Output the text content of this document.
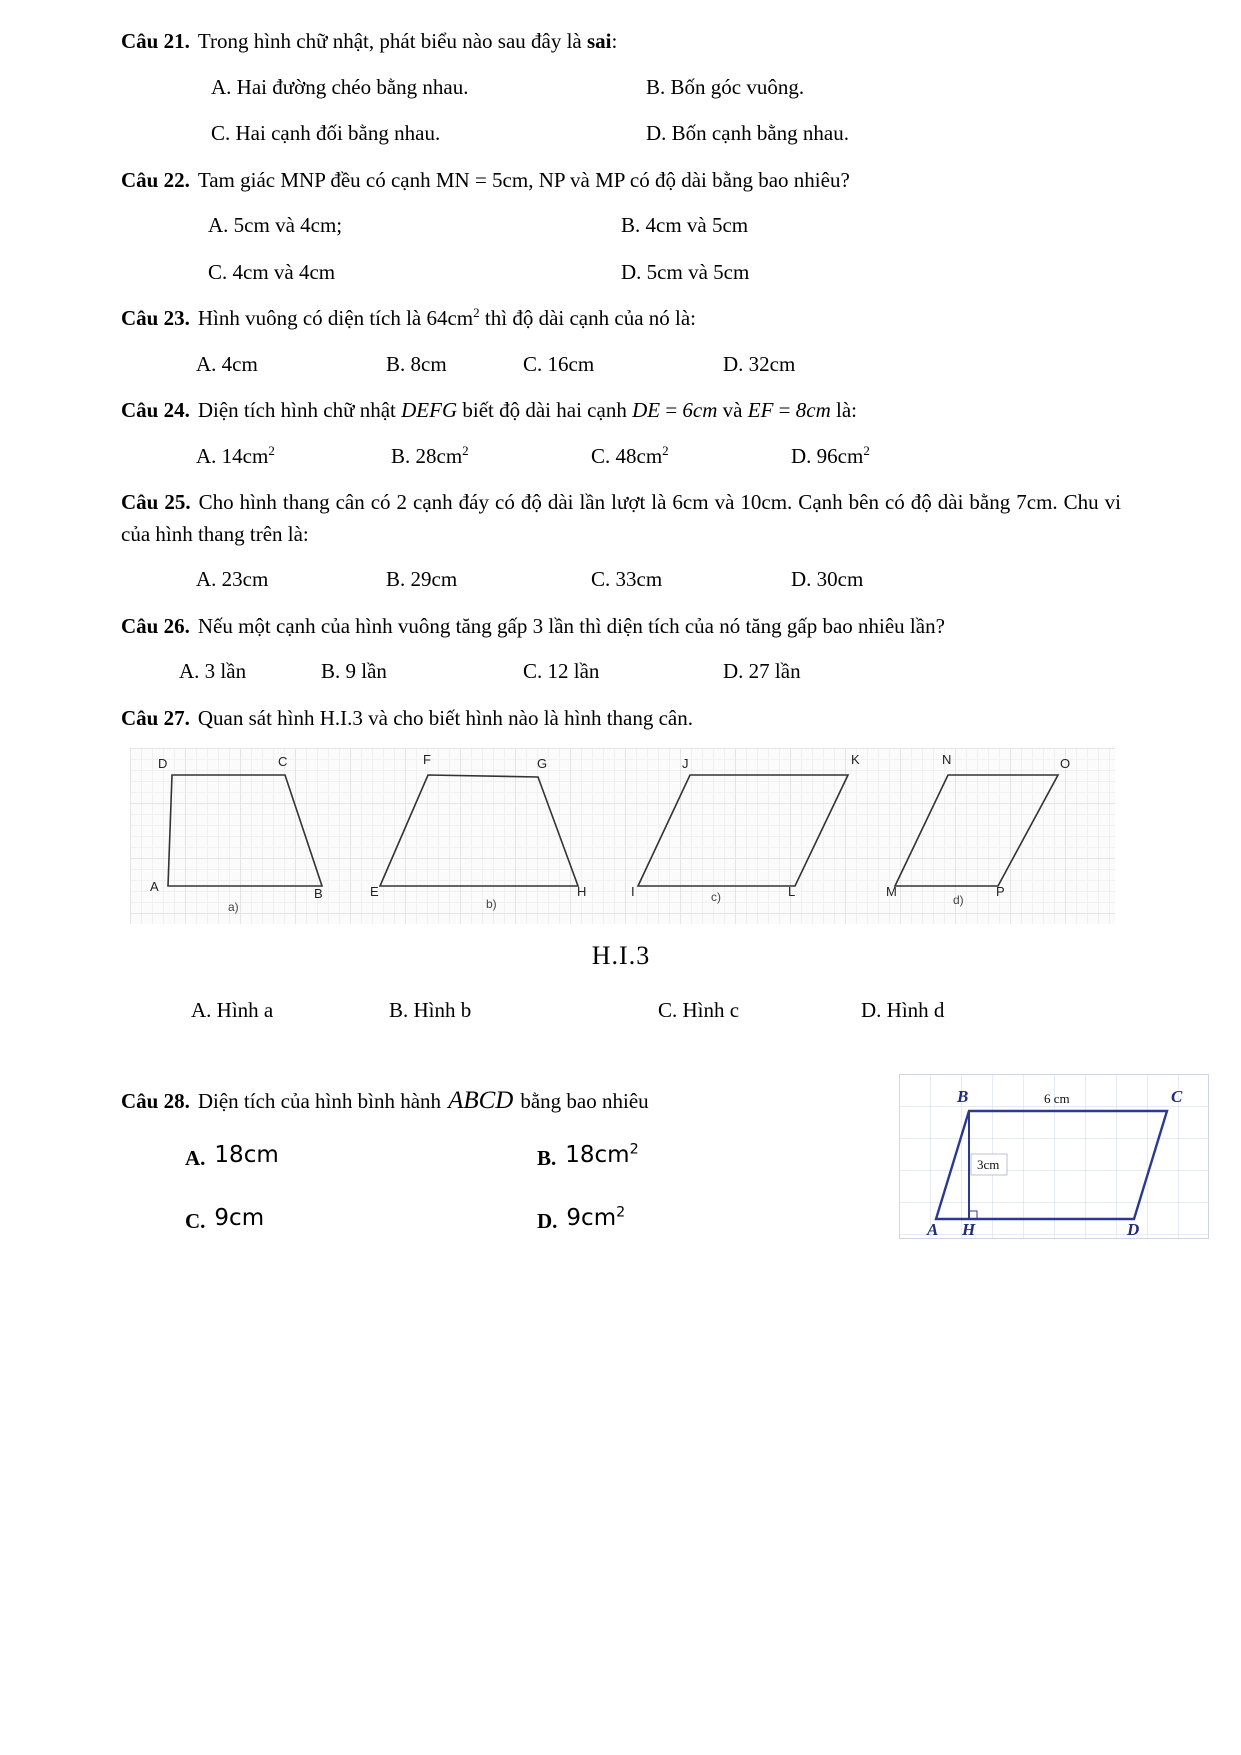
Câu 21. Trong hình chữ nhật, phát biểu nào sau đây là sai:

A. Hai đường chéo bằng nhau.	B. Bốn góc vuông.
C. Hai cạnh đối bằng nhau.	D. Bốn cạnh bằng nhau.

Câu 22. Tam giác MNP đều có cạnh MN = 5cm, NP và MP có độ dài bằng bao nhiêu?

A. 5cm và 4cm;	B. 4cm và 5cm
C. 4cm và 4cm	D. 5cm và 5cm

Câu 23. Hình vuông có diện tích là $64cm^2$ thì độ dài cạnh của nó là:

A. 4cm	B. 8cm	C. 16cm	D. 32cm

Câu 24. Diện tích hình chữ nhật DEFG biết độ dài hai cạnh DE = 6cm và EF = 8cm là:

A. $14cm^2$	B. $28cm^2$	C. $48cm^2$	D. $96cm^2$

Câu 25. Cho hình thang cân có 2 cạnh đáy có độ dài lần lượt là 6cm và 10cm. Cạnh bên có độ dài bằng 7cm. Chu vi của hình thang trên là:

A. 23cm	B. 29cm	C. 33cm	D. 30cm

Câu 26. Nếu một cạnh của hình vuông tăng gấp 3 lần thì diện tích của nó tăng gấp bao nhiêu lần?

A. 3 lần	B. 9 lần	C. 12 lần	D. 27 lần

Câu 27. Quan sát hình H.I.3 và cho biết hình nào là hình thang cân.

D	C
A	B
a)
F	G
E	H
b)
J	K
I	L
c)
N	O
M	P
d)
H.I.3
A. Hình a	B. Hình b	C. Hình c	D. Hình d

Câu 28. Diện tích của hình bình hành ABCD bằng bao nhiêu

A. 18cm	B. $18cm^2$
C. 9cm	D. $9cm^2$
B	C
A H	D
6 cm
3cm
